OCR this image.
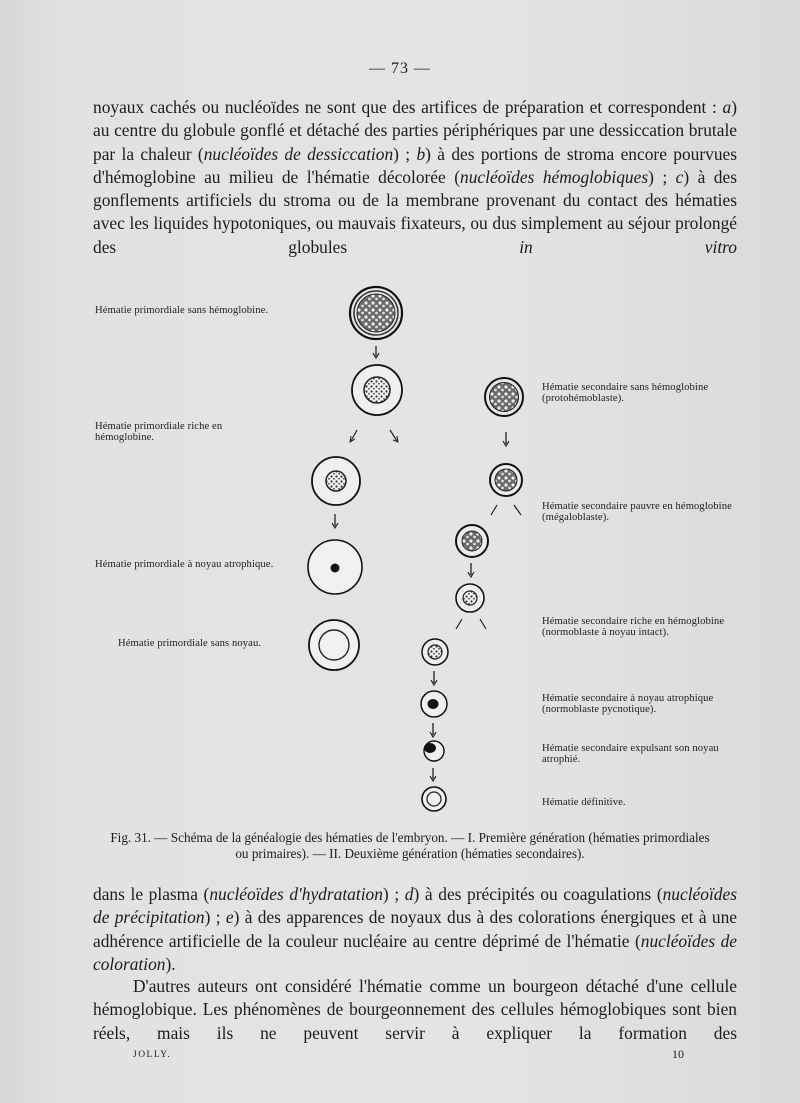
— 73 —

noyaux cachés ou nucléoïdes ne sont que des artifices de préparation et correspondent : a) au centre du globule gonflé et détaché des parties périphériques par une dessiccation brutale par la chaleur (nucléoïdes de dessiccation) ; b) à des portions de stroma encore pourvues d'hémoglobine au milieu de l'hématie décolorée (nucléoïdes hémoglobiques) ; c) à des gonflements artificiels du stroma ou de la membrane provenant du contact des hématies avec les liquides hypotoniques, ou mauvais fixateurs, ou dus simplement au séjour prolongé des globules in vitro

Hématie primordiale sans hémoglobine.

Hématie primordiale riche en hémoglobine.

Hématie primordiale à noyau atrophique.

Hématie primordiale sans noyau.

Hématie secondaire sans hémoglobine (protohémoblaste).

Hématie secondaire pauvre en hémoglobine (mégaloblaste).

Hématie secondaire riche en hémoglobine (normoblaste à noyau intact).

Hématie secondaire à noyau atrophique (normoblaste pycnotique).

Hématie secondaire expulsant son noyau atrophié.

Hématie définitive.

Fig. 31. — Schéma de la généalogie des hématies de l'embryon. — I. Première génération (hématies primordiales ou primaires). — II. Deuxième génération (hématies secondaires).

dans le plasma (nucléoïdes d'hydratation) ; d) à des précipités ou coagulations (nucléoïdes de précipitation) ; e) à des apparences de noyaux dus à des colorations énergiques et à une adhérence artificielle de la couleur nucléaire au centre déprimé de l'hématie (nucléoïdes de coloration).

D'autres auteurs ont considéré l'hématie comme un bourgeon détaché d'une cellule hémoglobique. Les phénomènes de bourgeonnement des cellules hémoglobiques sont bien réels, mais ils ne peuvent servir à expliquer la formation des

JOLLY.	10
